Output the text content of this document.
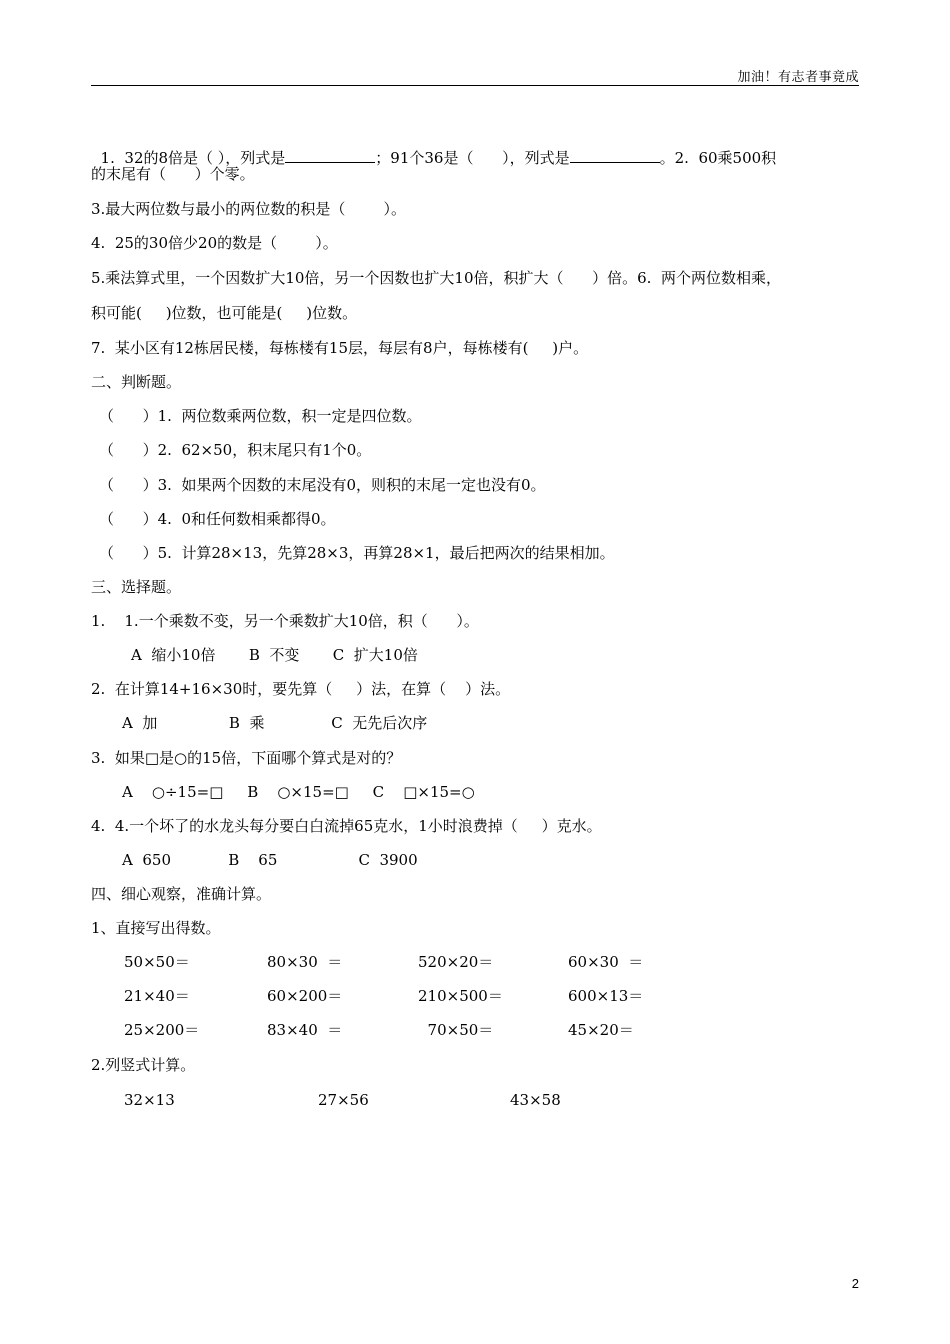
加油！有志者事竟成

1.  32的8倍是（ ），列式是	；91个36是（      ），列式是	。2.  60乘500积

的末尾有（      ）个零。
3.最大两位数与最小的两位数的积是（        ）。
4.  25的30倍少20的数是（        ）。
5.乘法算式里，一个因数扩大10倍，另一个因数也扩大10倍，积扩大（      ）倍。6.  两个两位数相乘，
积可能(     )位数，也可能是(     )位数。
7.  某小区有12栋居民楼，每栋楼有15层，每层有8户，每栋楼有(     )户。
二、判断题。
（      ）1.  两位数乘两位数，积一定是四位数。
（      ）2.  62×50，积末尾只有1个0。
（      ）3.  如果两个因数的末尾没有0，则积的末尾一定也没有0。
（      ）4.  0和任何数相乘都得0。
（      ）5.  计算28×13，先算28×3，再算28×1，最后把两次的结果相加。
三、选择题。
1.    1.一个乘数不变，另一个乘数扩大10倍，积（      ）。
A  缩小10倍       B  不变       C  扩大10倍
2.  在计算14+16×30时，要先算（     ）法，在算（    ）法。
A  加               B  乘              C  无先后次序
3.  如果□是○的15倍，下面哪个算式是对的？
A    ○÷15=□     B    ○×15=□     C    □×15=○
4.  4.一个坏了的水龙头每分要白白流掉65克水，1小时浪费掉（     ）克水。
A  650            B    65                 C  3900
四、细心观察，准确计算。
1、直接写出得数。
50×50＝	80×30  ＝	520×20＝	60×30  ＝
21×40＝	60×200＝	210×500＝	600×13＝
25×200＝	83×40  ＝	70×50＝	45×20＝
2.列竖式计算。
32×13	27×56	43×58
2
